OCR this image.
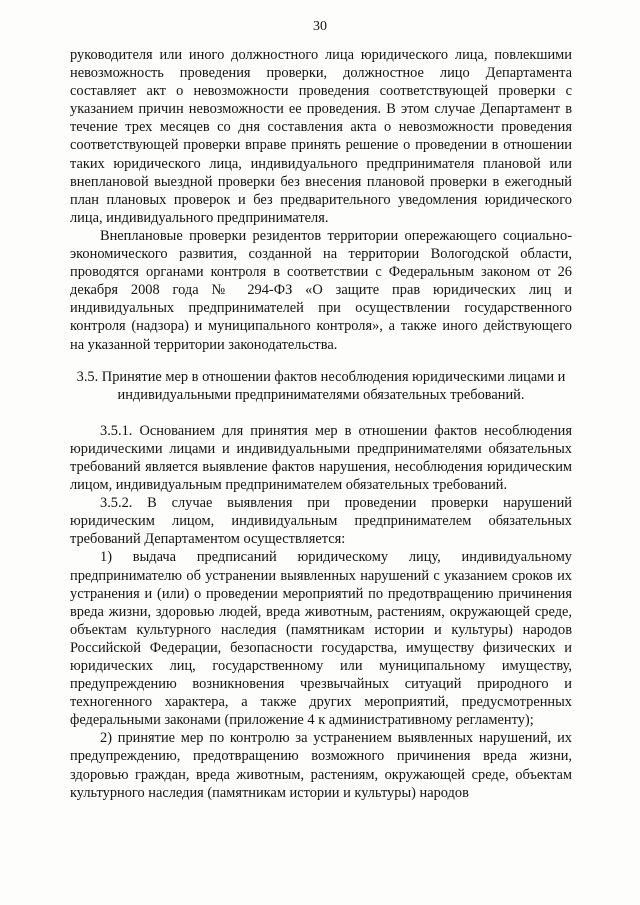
30

руководителя или иного должностного лица юридического лица, повлекшими невозможность проведения проверки, должностное лицо Департамента составляет акт о невозможности проведения соответствующей проверки с указанием причин невозможности ее проведения. В этом случае Департамент в течение трех месяцев со дня составления акта о невозможности проведения соответствующей проверки вправе принять решение о проведении в отношении таких юридического лица, индивидуального предпринимателя плановой или внеплановой выездной проверки без внесения плановой проверки в ежегодный план плановых проверок и без предварительного уведомления юридического лица, индивидуального предпринимателя.

Внеплановые проверки резидентов территории опережающего социально-экономического развития, созданной на территории Вологодской области, проводятся органами контроля в соответствии с Федеральным законом от 26 декабря 2008 года № 294-ФЗ «О защите прав юридических лиц и индивидуальных предпринимателей при осуществлении государственного контроля (надзора) и муниципального контроля», а также иного действующего на указанной территории законодательства.

3.5. Принятие мер в отношении фактов несоблюдения юридическими лицами и индивидуальными предпринимателями обязательных требований.

3.5.1. Основанием для принятия мер в отношении фактов несоблюдения юридическими лицами и индивидуальными предпринимателями обязательных требований является выявление фактов нарушения, несоблюдения юридическим лицом, индивидуальным предпринимателем обязательных требований.

3.5.2. В случае выявления при проведении проверки нарушений юридическим лицом, индивидуальным предпринимателем обязательных требований Департаментом осуществляется:

1) выдача предписаний юридическому лицу, индивидуальному предпринимателю об устранении выявленных нарушений с указанием сроков их устранения и (или) о проведении мероприятий по предотвращению причинения вреда жизни, здоровью людей, вреда животным, растениям, окружающей среде, объектам культурного наследия (памятникам истории и культуры) народов Российской Федерации, безопасности государства, имуществу физических и юридических лиц, государственному или муниципальному имуществу, предупреждению возникновения чрезвычайных ситуаций природного и техногенного характера, а также других мероприятий, предусмотренных федеральными законами (приложение 4 к административному регламенту);

2) принятие мер по контролю за устранением выявленных нарушений, их предупреждению, предотвращению возможного причинения вреда жизни, здоровью граждан, вреда животным, растениям, окружающей среде, объектам культурного наследия (памятникам истории и культуры) народов
